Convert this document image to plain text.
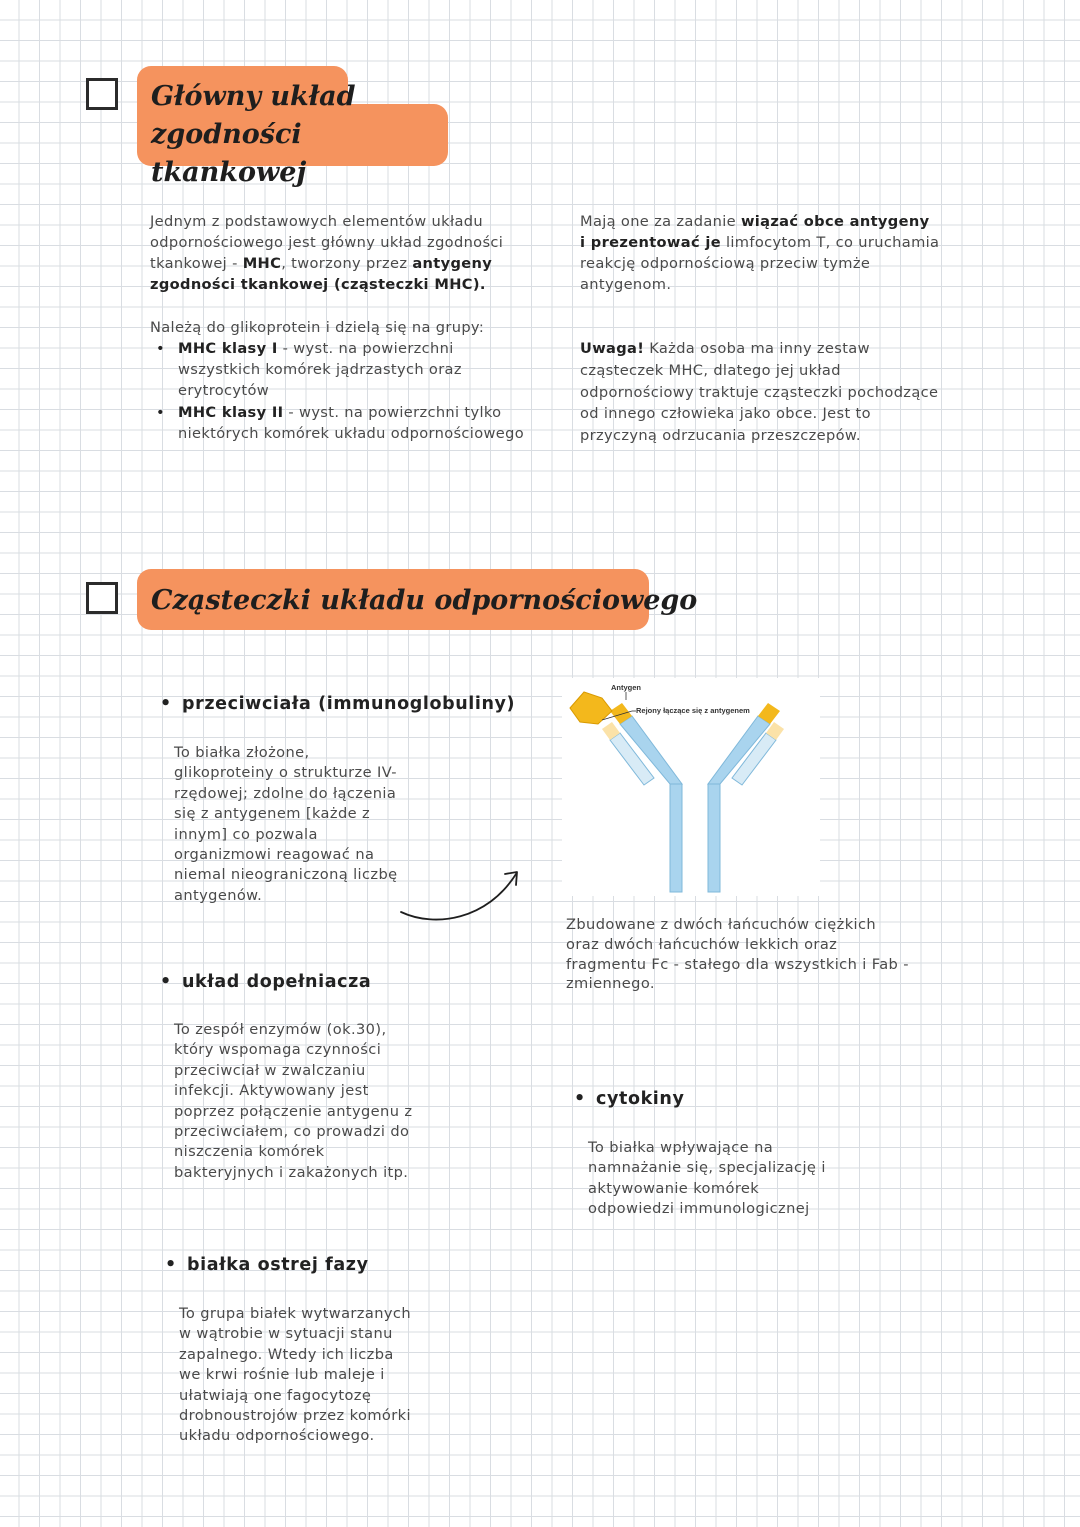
Główny układ
zgodności tkankowej

Jednym z podstawowych elementów układu odpornościowego jest główny układ zgodności tkankowej - MHC, tworzony przez antygeny zgodności tkankowej (cząsteczki MHC).

Należą do glikoprotein i dzielą się na grupy:

• MHC klasy I - wyst. na powierzchni wszystkich komórek jądrzastych oraz erytrocytów
• MHC klasy II - wyst. na powierzchni tylko niektórych komórek układu odpornościowego

Mają one za zadanie wiązać obce antygeny i prezentować je limfocytom T, co uruchamia reakcję odpornościową przeciw tymże antygenom.

Uwaga! Każda osoba ma inny zestaw cząsteczek MHC, dlatego jej układ odpornościowy traktuje cząsteczki pochodzące od innego człowieka jako obce. Jest to przyczyną odrzucania przeszczepów.

Cząsteczki układu odpornościowego
• przeciwciała (immunoglobuliny)
To białka złożone, glikoproteiny o strukturze IV-rzędowej; zdolne do łączenia się z antygenem [każde z innym] co pozwala organizmowi reagować na niemal nieograniczoną liczbę antygenów.
• układ dopełniacza
To zespół enzymów (ok.30), który wspomaga czynności przeciwciał w zwalczaniu infekcji. Aktywowany jest poprzez połączenie antygenu z przeciwciałem, co prowadzi do niszczenia komórek bakteryjnych i zakażonych itp.
• białka ostrej fazy
To grupa białek wytwarzanych w wątrobie w sytuacji stanu zapalnego. Wtedy ich liczba we krwi rośnie lub maleje i ułatwiają one fagocytozę drobnoustrojów przez komórki układu odpornościowego.
• cytokiny
To białka wpływające na namnażanie się, specjalizację i aktywowanie komórek odpowiedzi immunologicznej
Antygen
Rejony łączące się z antygenem
Zbudowane z dwóch łańcuchów ciężkich oraz dwóch łańcuchów lekkich oraz fragmentu Fc - stałego dla wszystkich i Fab - zmiennego.
